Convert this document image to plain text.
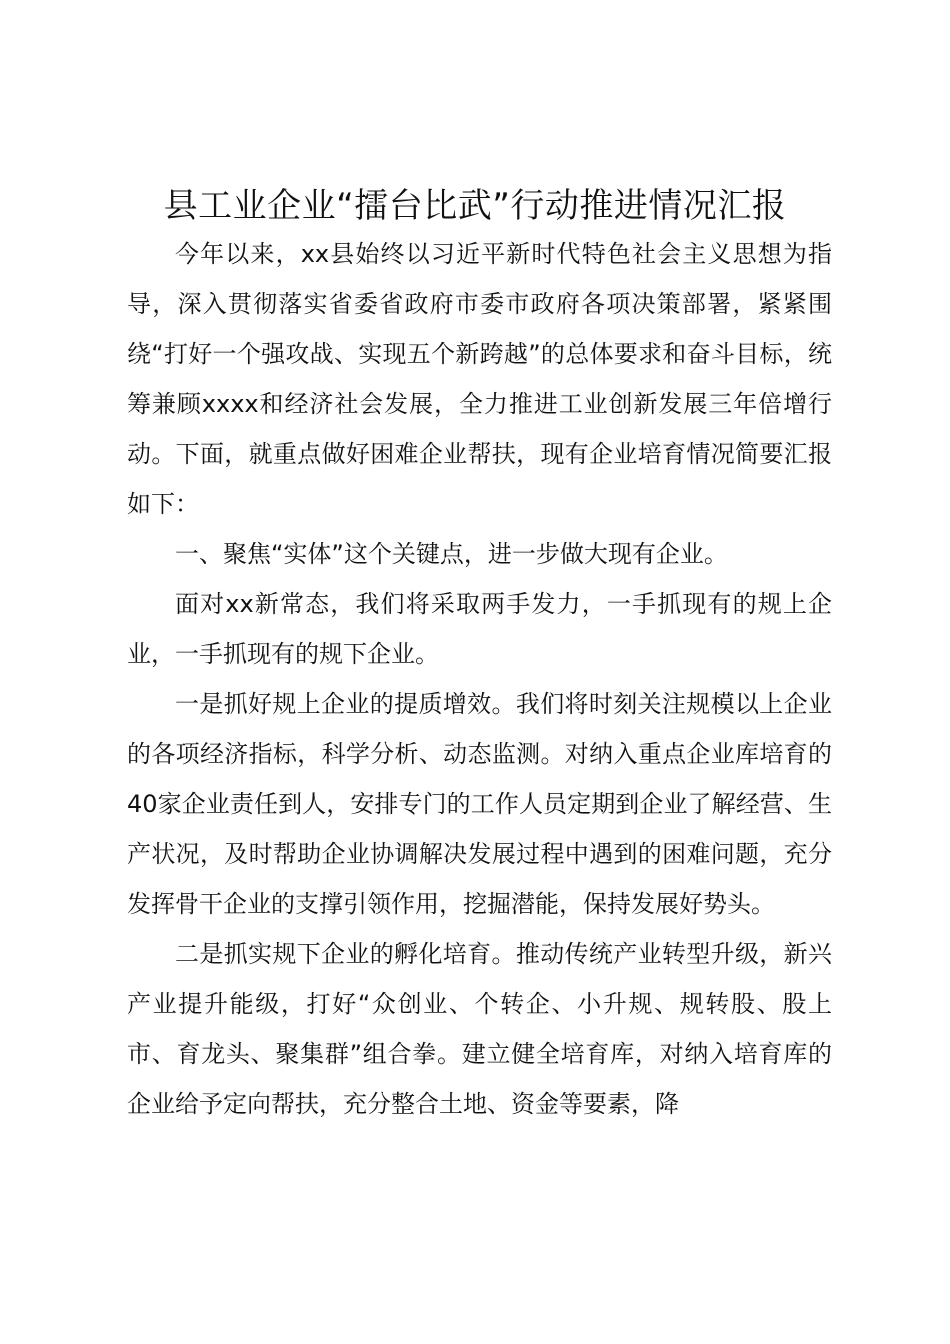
县工业企业“擂台比武”行动推进情况汇报

今年以来，xx县始终以习近平新时代特色社会主义思想为指导，深入贯彻落实省委省政府市委市政府各项决策部署，紧紧围绕“打好一个强攻战、实现五个新跨越”的总体要求和奋斗目标，统筹兼顾xxxx和经济社会发展，全力推进工业创新发展三年倍增行动。下面，就重点做好困难企业帮扶，现有企业培育情况简要汇报如下：

一、聚焦“实体”这个关键点，进一步做大现有企业。

面对xx新常态，我们将采取两手发力，一手抓现有的规上企业，一手抓现有的规下企业。

一是抓好规上企业的提质增效。我们将时刻关注规模以上企业的各项经济指标，科学分析、动态监测。对纳入重点企业库培育的40家企业责任到人，安排专门的工作人员定期到企业了解经营、生产状况，及时帮助企业协调解决发展过程中遇到的困难问题，充分发挥骨干企业的支撑引领作用，挖掘潜能，保持发展好势头。

二是抓实规下企业的孵化培育。推动传统产业转型升级，新兴产业提升能级，打好“众创业、个转企、小升规、规转股、股上市、育龙头、聚集群”组合拳。建立健全培育库，对纳入培育库的企业给予定向帮扶，充分整合土地、资金等要素，降
